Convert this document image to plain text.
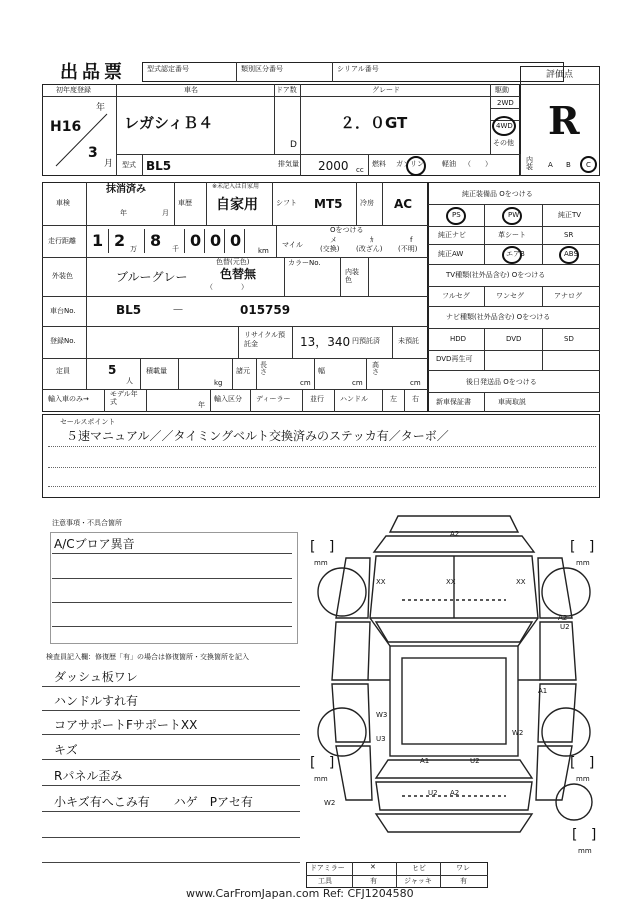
出品票	型式認定番号	類別区分番号	シリアル番号
評価点
R
初年度登録
H16
年
3
月
車名
レガシィＢ４
ドア数
D
グレード
２．０GT
駆動
2WD
4WD
その他
型式 BL5	排気量 2000 cc
燃料 ガソリン	軽油 （　　）	内装	A B C
車検
抹消済み
年	月
車歴
※未記入は自家用
自家用	シフト MT5	冷房 AC
走行距離 1 2 万 8 千 0 0 0
km
Oをつける
マイル
メ
(交換)
ｶ
(改ざん)
f
(不明)
外装色	ブルーグレー
色替(元色)
色替無
（　　　　）
カラーNo.
内装色
車台No.	BL5	－	015759
登録No.
リサイクル預託金	13，340 円預託済	未預託
定員	5
人
積載量
kg
諸元
長さ
cm
幅
cm
高さ
cm
輸入車のみ→
モデル年式	年
輸入区分 ディーラー	並行 ハンドル	左 右
純正装備品 Oをつける
PS	PW	純正TV
純正ナビ	革シート	SR
純正AW	エアB	ABS
TV種類(社外品含む) Oをつける
フルセグ	ワンセグ	アナログ
ナビ種類(社外品含む) Oをつける
HDD	DVD	SD
DVD再生可
後日発送品 Oをつける
新車保証書	車両取説
セールスポイント
５速マニュアル／／タイミングベルト交換済みのステッカ有／ターボ／
注意事項・不具合箇所
A/Cブロア異音
検査員記入欄：修復歴「有」の場合は修復箇所・交換箇所を記入
ダッシュ板ワレ
ハンドルすれ有
コアサポートFサポートXX
キズ
Rパネル歪み
小キズ有へこみ有　　ハゲ　Pアセ有
[   ]
mm
[   ]
mm
[   ]
mm
[   ]
mm
[   ]
mm
A2
XX
XX	XX
A2
U2
A1
W2
W3
U3
A1	U2
U2 A2
W2
ドアミラー	✕	ヒビ	ワレ
工具	有	ジャッキ	有
www.CarFromJapan.com Ref: CFJ1204580
